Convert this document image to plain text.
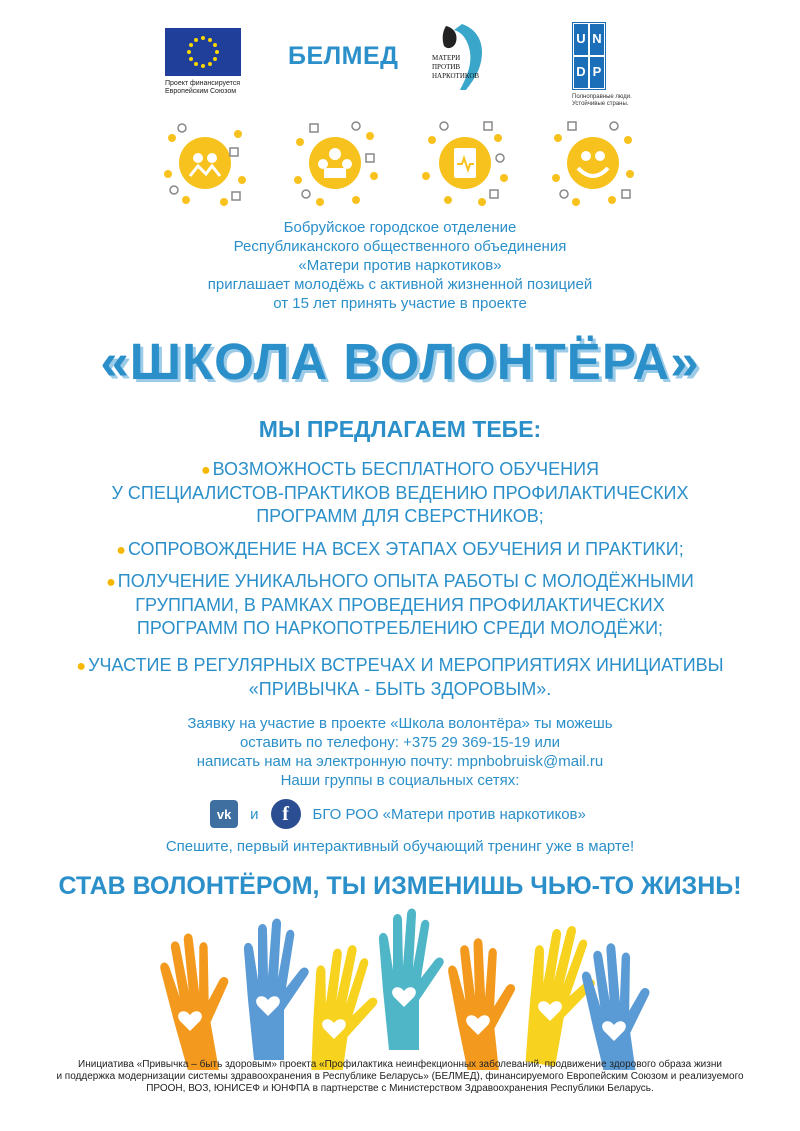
Проект финансируется
Европейским Союзом
БЕЛМЕД	МАТЕРИ
ПРОТИВ
НАРКОТИКОВ
U N
D P
Полноправные люди.
Устойчивые страны.
Бобруйское городское отделение
Республиканского общественного объединения
«Матери против наркотиков»
приглашает молодёжь с активной жизненной позицией
от 15 лет принять участие в проекте
«ШКОЛА ВОЛОНТЁРА»
МЫ ПРЕДЛАГАЕМ ТЕБЕ:
● ВОЗМОЖНОСТЬ БЕСПЛАТНОГО ОБУЧЕНИЯ
У СПЕЦИАЛИСТОВ-ПРАКТИКОВ ВЕДЕНИЮ ПРОФИЛАКТИЧЕСКИХ
ПРОГРАММ ДЛЯ СВЕРСТНИКОВ;
● СОПРОВОЖДЕНИЕ НА ВСЕХ ЭТАПАХ ОБУЧЕНИЯ И ПРАКТИКИ;
● ПОЛУЧЕНИЕ УНИКАЛЬНОГО ОПЫТА РАБОТЫ С МОЛОДЁЖНЫМИ
ГРУППАМИ, В РАМКАХ ПРОВЕДЕНИЯ ПРОФИЛАКТИЧЕСКИХ
ПРОГРАММ ПО НАРКОПОТРЕБЛЕНИЮ СРЕДИ МОЛОДЁЖИ;
● УЧАСТИЕ В РЕГУЛЯРНЫХ ВСТРЕЧАХ И МЕРОПРИЯТИЯХ ИНИЦИАТИВЫ
«ПРИВЫЧКА - БЫТЬ ЗДОРОВЫМ».
Заявку на участие в проекте «Школа волонтёра» ты можешь
оставить по телефону: +375 29 369-15-19 или
написать нам на электронную почту: mpnbobruisk@mail.ru
Наши группы в социальных сетях:
vk	и	f	БГО РОО «Матери против наркотиков»
Спешите, первый интерактивный обучающий тренинг уже в марте!
СТАВ ВОЛОНТЁРОМ, ТЫ ИЗМЕНИШЬ ЧЬЮ-ТО ЖИЗНЬ!
Инициатива «Привычка – быть здоровым» проекта «Профилактика неинфекционных заболеваний, продвижение здорового образа жизни
и поддержка модернизации системы здравоохранения в Республике Беларусь» (БЕЛМЕД), финансируемого Европейским Союзом и реализуемого
ПРООН, ВОЗ, ЮНИСЕФ и ЮНФПА в партнерстве с Министерством Здравоохранения Республики Беларусь.
